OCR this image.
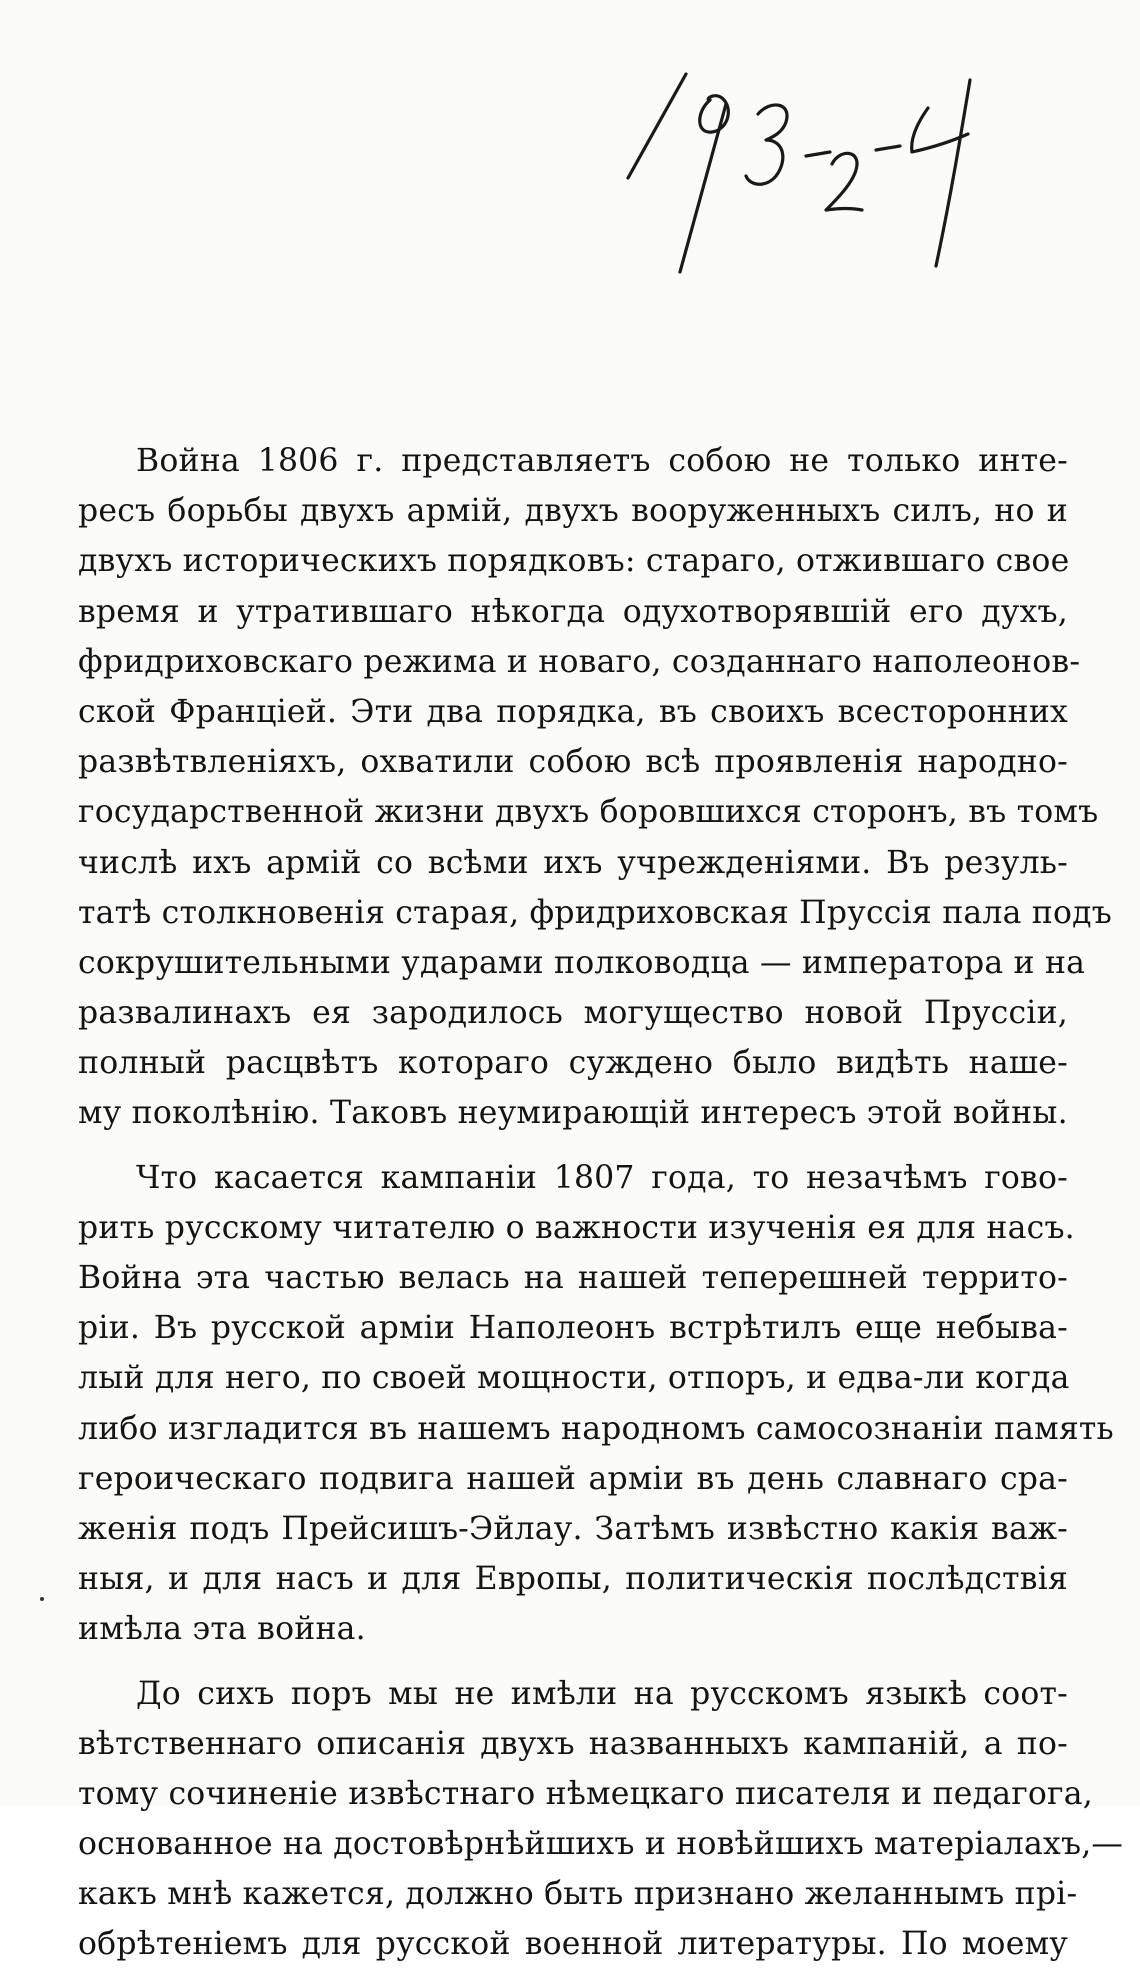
Война 1806 г. представляетъ собою не только инте-
ресъ борьбы двухъ армій, двухъ вооруженныхъ силъ, но и
двухъ историческихъ порядковъ: стараго, отжившаго свое
время и утратившаго нѣкогда одухотворявшій его духъ,
фридриховскаго режима и новаго, созданнаго наполеонов-
ской Франціей. Эти два порядка, въ своихъ всесторонних
развѣтвленіяхъ, охватили собою всѣ проявленія народно-
государственной жизни двухъ боровшихся сторонъ, въ томъ
числѣ ихъ армій со всѣми ихъ учрежденіями. Въ резуль-
татѣ столкновенія старая, фридриховская Пруссія пала подъ
сокрушительными ударами полководца — императора и на
развалинахъ ея зародилось могущество новой Пруссіи,
полный расцвѣтъ котораго суждено было видѣть наше-
му поколѣнію. Таковъ неумирающій интересъ этой войны.
Что касается кампаніи 1807 года, то незачѣмъ гово-
рить русскому читателю о важности изученія ея для насъ.
Война эта частью велась на нашей теперешней террито-
ріи. Въ русской арміи Наполеонъ встрѣтилъ еще небыва-
лый для него, по своей мощности, отпоръ, и едва-ли когда
либо изгладится въ нашемъ народномъ самосознаніи память
героическаго подвига нашей арміи въ день славнаго сра-
женія подъ Прейсишъ-Эйлау. Затѣмъ извѣстно какія важ-
ныя, и для насъ и для Европы, политическія послѣдствія
имѣла эта война.
До сихъ поръ мы не имѣли на русскомъ языкѣ соот-
вѣтственнаго описанія двухъ названныхъ кампаній, а по-
тому сочиненіе извѣстнаго нѣмецкаго писателя и педагога,
основанное на достовѣрнѣйшихъ и новѣйшихъ матеріалахъ,—
какъ мнѣ кажется, должно быть признано желаннымъ прі-
обрѣтеніемъ для русской военной литературы. По моему
